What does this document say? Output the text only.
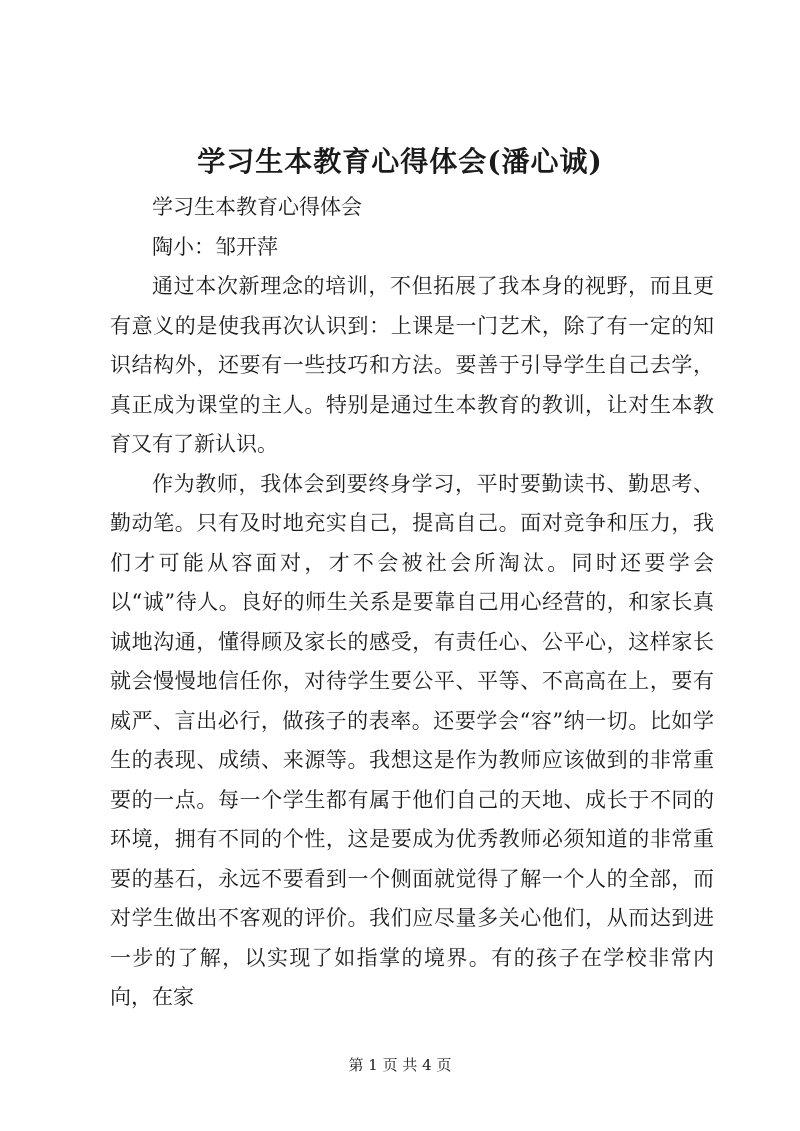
学习生本教育心得体会(潘心诚)

学习生本教育心得体会

陶小：邹开萍

通过本次新理念的培训，不但拓展了我本身的视野，而且更有意义的是使我再次认识到：上课是一门艺术，除了有一定的知识结构外，还要有一些技巧和方法。要善于引导学生自己去学，真正成为课堂的主人。特别是通过生本教育的教训，让对生本教育又有了新认识。

作为教师，我体会到要终身学习，平时要勤读书、勤思考、勤动笔。只有及时地充实自己，提高自己。面对竞争和压力，我们才可能从容面对，才不会被社会所淘汰。同时还要学会以“诚”待人。良好的师生关系是要靠自己用心经营的，和家长真诚地沟通，懂得顾及家长的感受，有责任心、公平心，这样家长就会慢慢地信任你，对待学生要公平、平等、不高高在上，要有威严、言出必行，做孩子的表率。还要学会“容”纳一切。比如学生的表现、成绩、来源等。我想这是作为教师应该做到的非常重要的一点。每一个学生都有属于他们自己的天地、成长于不同的环境，拥有不同的个性，这是要成为优秀教师必须知道的非常重要的基石，永远不要看到一个侧面就觉得了解一个人的全部，而对学生做出不客观的评价。我们应尽量多关心他们，从而达到进一步的了解，以实现了如指掌的境界。有的孩子在学校非常内向，在家

第 1 页 共 4 页
